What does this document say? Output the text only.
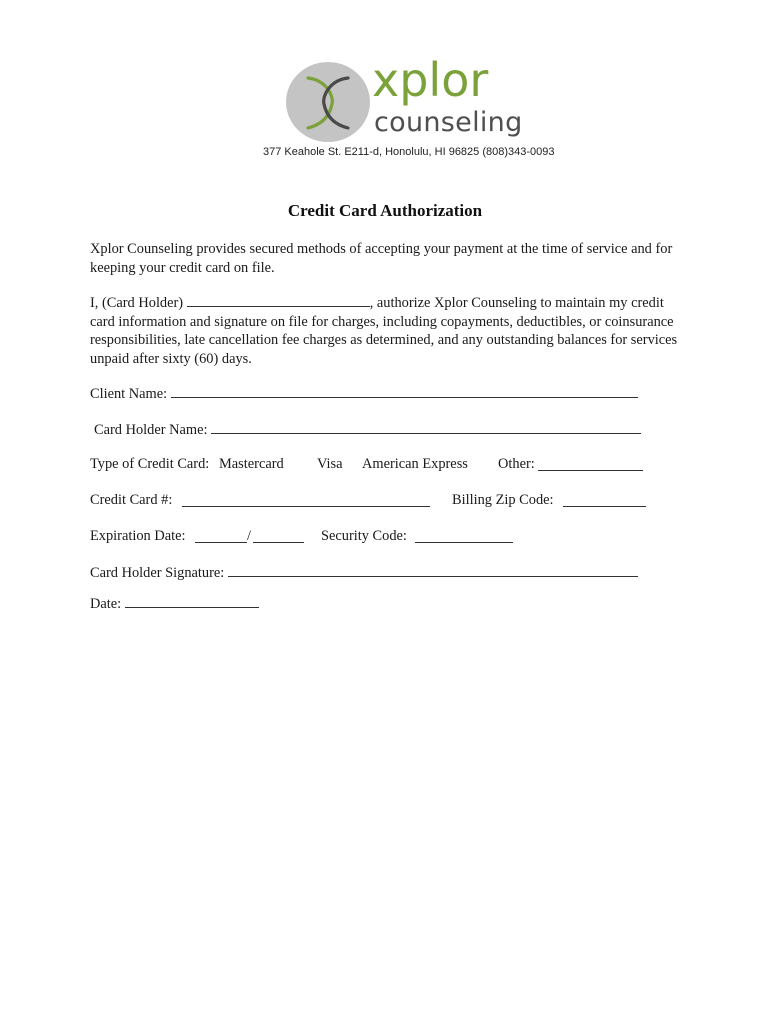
xplor
counseling
377 Keahole St. E211-d, Honolulu, HI 96825 (808)343-0093
Credit Card Authorization
Xplor Counseling provides secured methods of accepting your payment at the time of service and for keeping your credit card on file.
I, (Card Holder)	, authorize Xplor Counseling to maintain my credit card information and signature on file for charges, including copayments, deductibles, or coinsurance responsibilities, late cancellation fee charges as determined, and any outstanding balances for services unpaid after sixty (60) days.
Client Name:
Card Holder Name:
Type of Credit Card: Mastercard Visa American Express Other:
Credit Card #:	Billing Zip Code:
Expiration Date:	/	Security Code:
Card Holder Signature:
Date:
